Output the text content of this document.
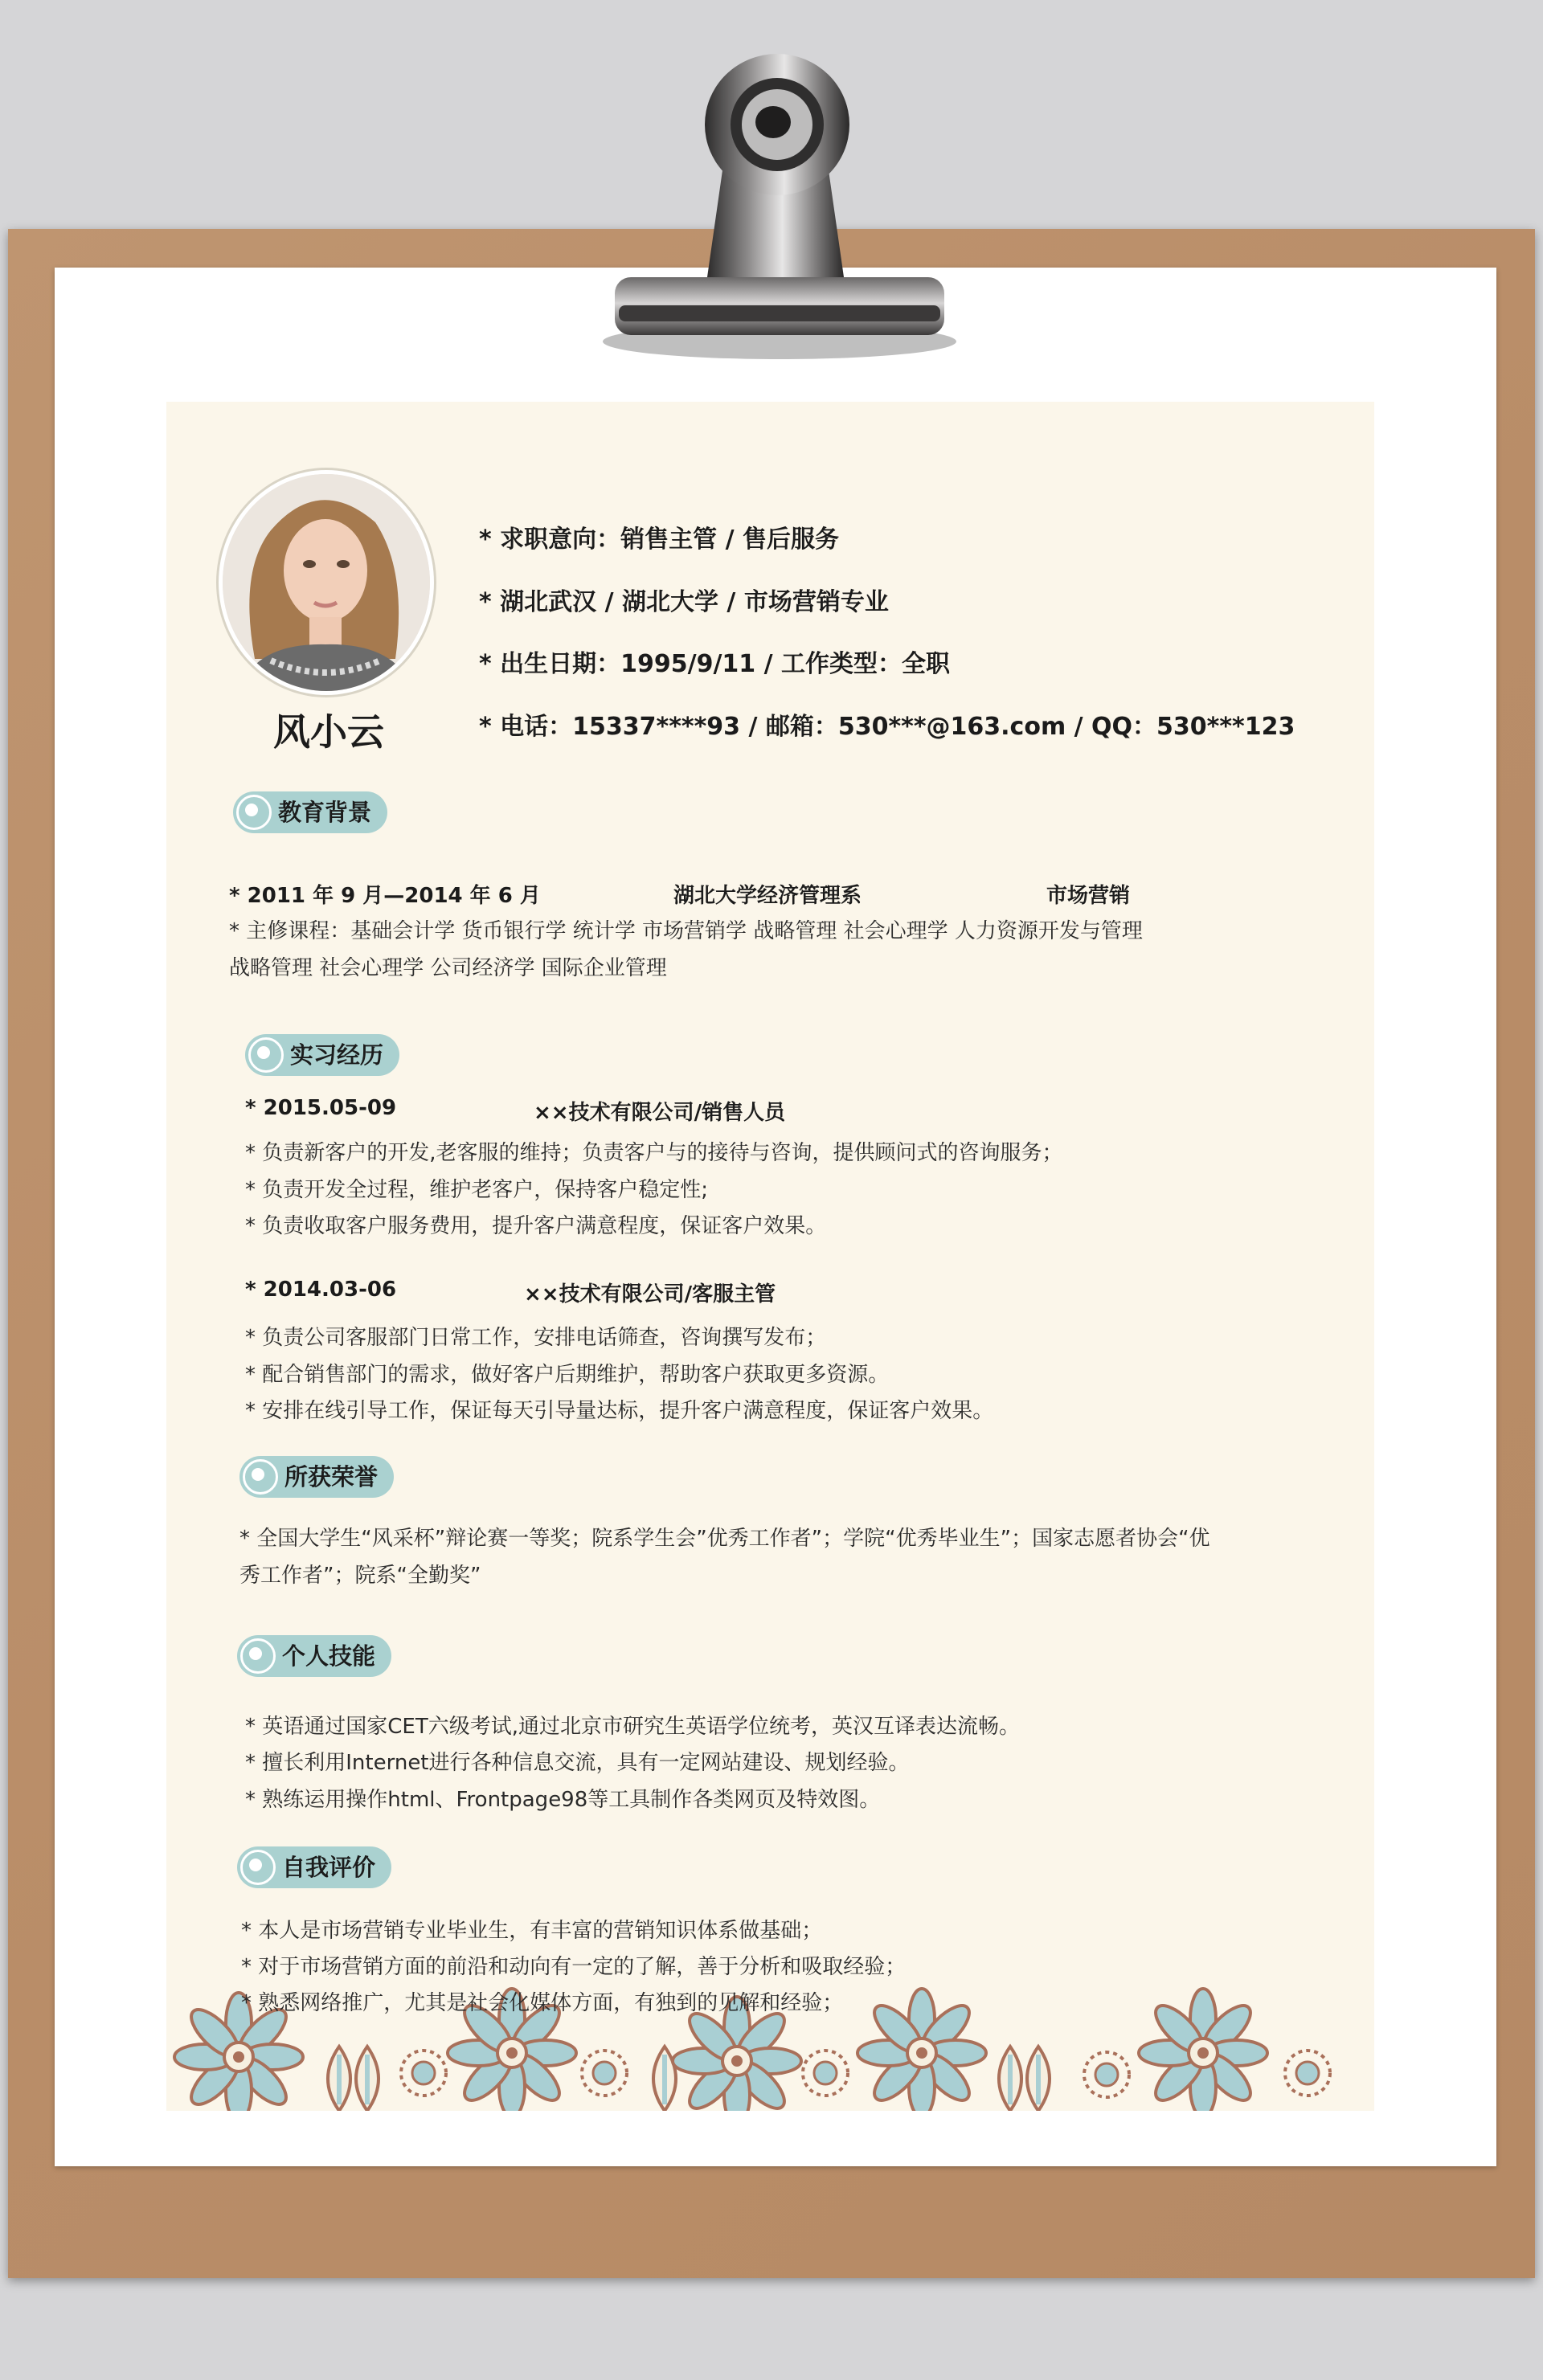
风小云
* 求职意向：销售主管 / 售后服务
* 湖北武汉 / 湖北大学 / 市场营销专业
* 出生日期：1995/9/11 / 工作类型：全职
* 电话：15337****93 / 邮箱：530***@163.com / QQ：530***123
教育背景
* 2011 年 9 月—2014 年 6 月	湖北大学经济管理系	市场营销
* 主修课程：基础会计学 货币银行学 统计学 市场营销学 战略管理 社会心理学 人力资源开发与管理
战略管理 社会心理学 公司经济学 国际企业管理
实习经历
* 2015.05-09	××技术有限公司/销售人员
* 负责新客户的开发,老客服的维持；负责客户与的接待与咨询，提供顾问式的咨询服务；
* 负责开发全过程，维护老客户，保持客户稳定性;
* 负责收取客户服务费用，提升客户满意程度，保证客户效果。
* 2014.03-06	××技术有限公司/客服主管
* 负责公司客服部门日常工作，安排电话筛查，咨询撰写发布；
* 配合销售部门的需求，做好客户后期维护，帮助客户获取更多资源。
* 安排在线引导工作，保证每天引导量达标，提升客户满意程度，保证客户效果。
所获荣誉
* 全国大学生“风采杯”辩论赛一等奖；院系学生会”优秀工作者”；学院“优秀毕业生”；国家志愿者协会“优
秀工作者”；院系“全勤奖”
个人技能
* 英语通过国家CET六级考试,通过北京市研究生英语学位统考，英汉互译表达流畅。
* 擅长利用Internet进行各种信息交流，具有一定网站建设、规划经验。
* 熟练运用操作html、Frontpage98等工具制作各类网页及特效图。
自我评价
* 本人是市场营销专业毕业生，有丰富的营销知识体系做基础；
* 对于市场营销方面的前沿和动向有一定的了解，善于分析和吸取经验；
* 熟悉网络推广，尤其是社会化媒体方面，有独到的见解和经验；
